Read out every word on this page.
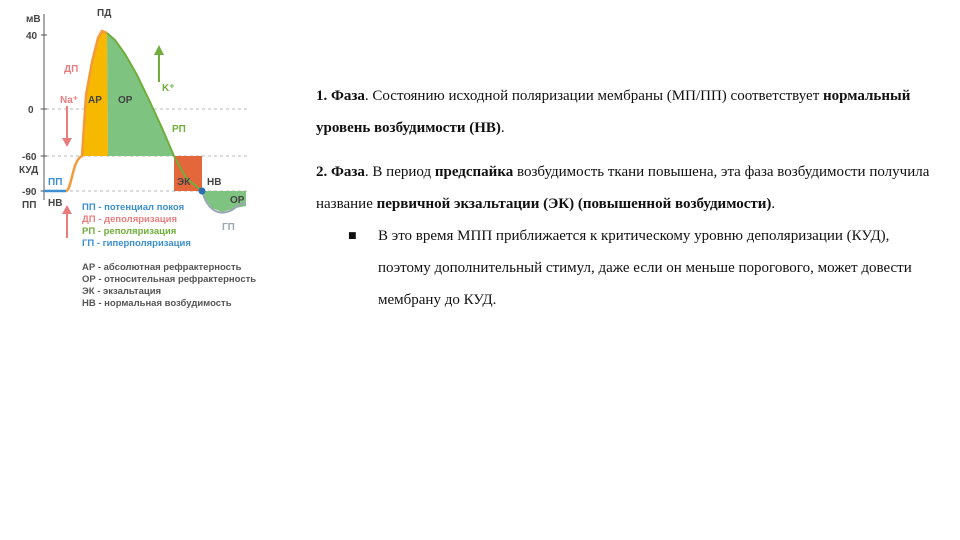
мВ
40
0
-60
КУД
-90
ПП
ПД
ДП
Na⁺ АР ОР
K⁺
РП
ЭК НВ
ОР
ГП
ПП
НВ ПП - потенциал покоя
ДП - деполяризация
РП - реполяризация
ГП - гиперполяризация
АР - абсолютная рефрактерность
ОР - относительная рефрактерность
ЭК - экзальтация
НВ - нормальная возбудимость

1. Фаза. Состоянию исходной поляризации мембраны (МП/ПП) соответствует нормальный уровень возбудимости (НВ).

2. Фаза. В период предспайка возбудимость ткани повышена, эта фаза возбудимости получила название первичной экзальтации (ЭК) (повышенной возбудимости).

■	В это время МПП приближается к критическому уровню деполяризации (КУД), поэтому дополнительный стимул, даже если он меньше порогового, может довести мембрану до КУД.
